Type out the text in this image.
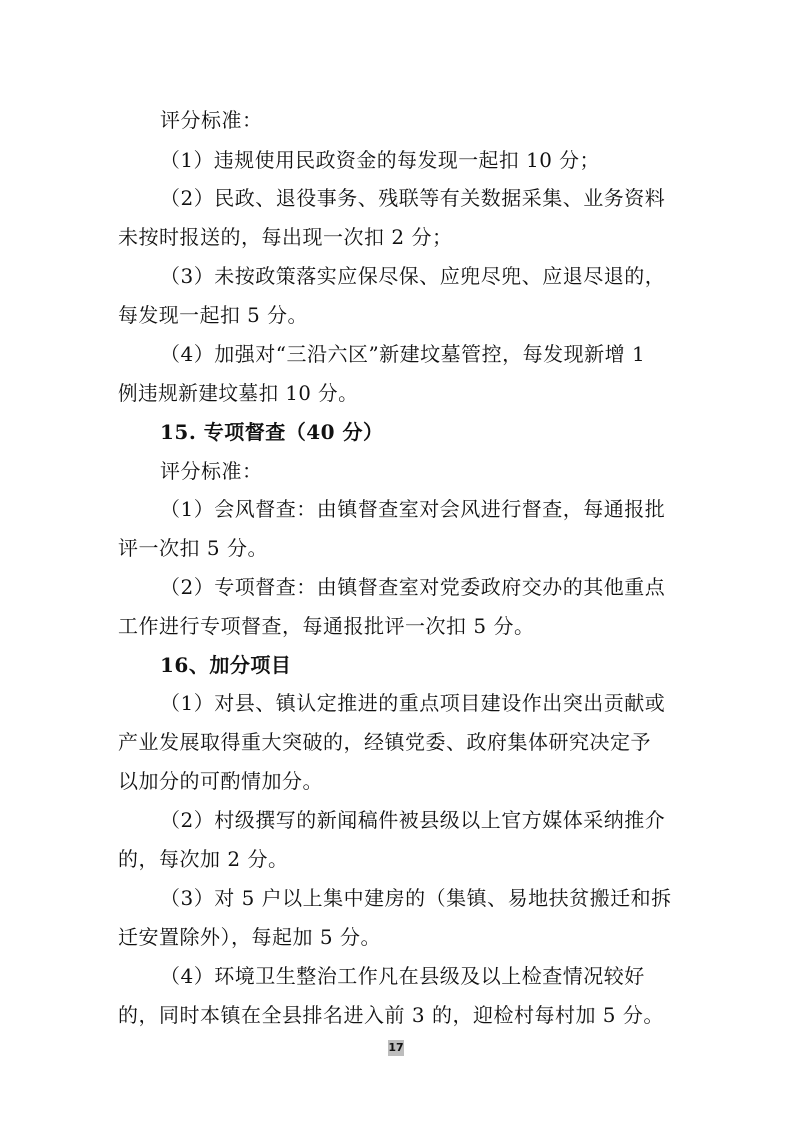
评分标准：
（1）违规使用民政资金的每发现一起扣 10 分；
（2）民政、退役事务、残联等有关数据采集、业务资料
未按时报送的，每出现一次扣 2 分；
（3）未按政策落实应保尽保、应兜尽兜、应退尽退的，
每发现一起扣 5 分。
（4）加强对“三沿六区”新建坟墓管控，每发现新增 1
例违规新建坟墓扣 10 分。
15. 专项督查（40 分）
评分标准：
（1）会风督查：由镇督查室对会风进行督查，每通报批
评一次扣 5 分。
（2）专项督查：由镇督查室对党委政府交办的其他重点
工作进行专项督查，每通报批评一次扣 5 分。
16、加分项目
（1）对县、镇认定推进的重点项目建设作出突出贡献或
产业发展取得重大突破的，经镇党委、政府集体研究决定予
以加分的可酌情加分。
（2）村级撰写的新闻稿件被县级以上官方媒体采纳推介
的，每次加 2 分。
（3）对 5 户以上集中建房的（集镇、易地扶贫搬迁和拆
迁安置除外），每起加 5 分。
（4）环境卫生整治工作凡在县级及以上检查情况较好
的，同时本镇在全县排名进入前 3 的，迎检村每村加 5 分。
17
